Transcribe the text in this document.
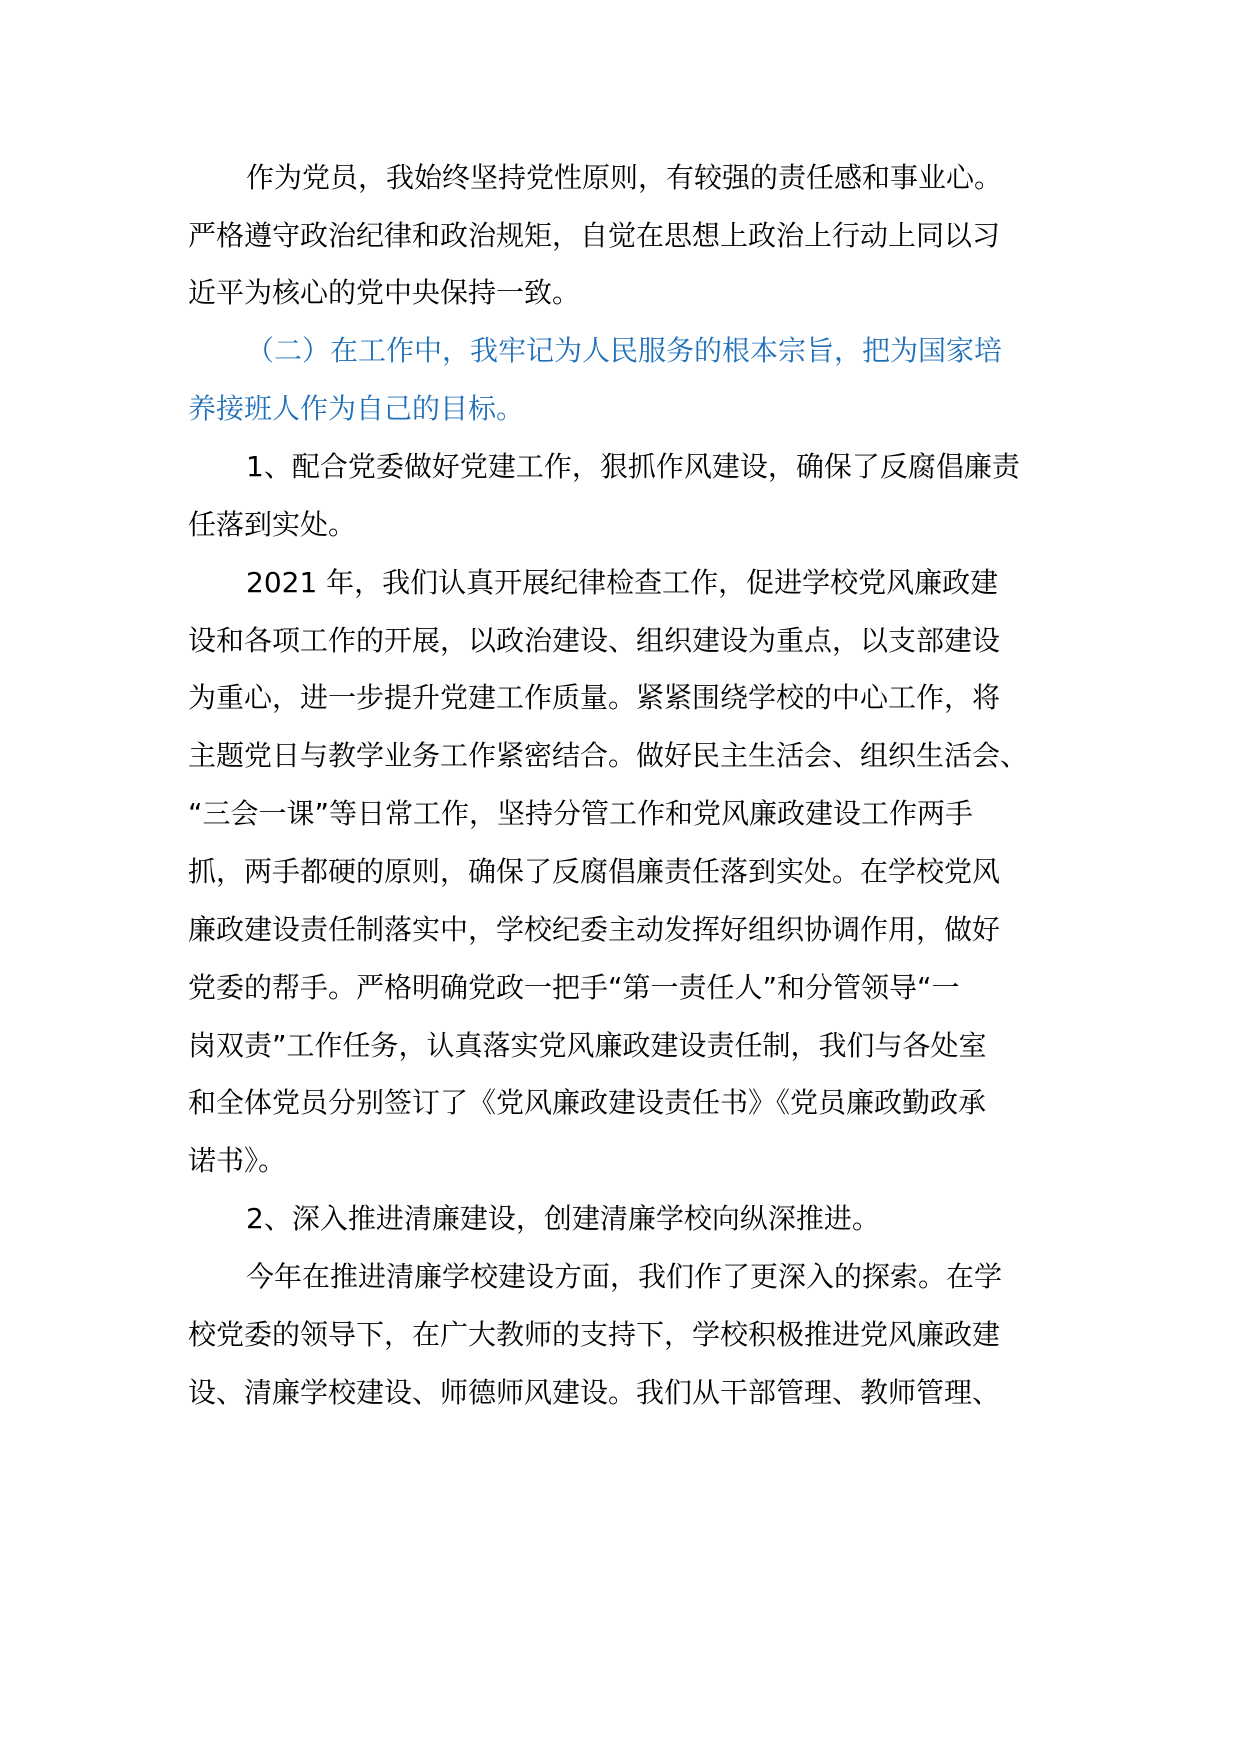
作为党员，我始终坚持党性原则，有较强的责任感和事业心。

严格遵守政治纪律和政治规矩，自觉在思想上政治上行动上同以习

近平为核心的党中央保持一致。

（二）在工作中，我牢记为人民服务的根本宗旨，把为国家培

养接班人作为自己的目标。

1、配合党委做好党建工作，狠抓作风建设，确保了反腐倡廉责

任落到实处。

2021 年，我们认真开展纪律检查工作，促进学校党风廉政建

设和各项工作的开展，以政治建设、组织建设为重点，以支部建设

为重心，进一步提升党建工作质量。紧紧围绕学校的中心工作，将

主题党日与教学业务工作紧密结合。做好民主生活会、组织生活会、

“三会一课”等日常工作，坚持分管工作和党风廉政建设工作两手

抓，两手都硬的原则，确保了反腐倡廉责任落到实处。在学校党风

廉政建设责任制落实中，学校纪委主动发挥好组织协调作用，做好

党委的帮手。严格明确党政一把手“第一责任人”和分管领导“一

岗双责”工作任务，认真落实党风廉政建设责任制，我们与各处室

和全体党员分别签订了《党风廉政建设责任书》《党员廉政勤政承

诺书》。

2、深入推进清廉建设，创建清廉学校向纵深推进。

今年在推进清廉学校建设方面，我们作了更深入的探索。在学

校党委的领导下，在广大教师的支持下，学校积极推进党风廉政建

设、清廉学校建设、师德师风建设。我们从干部管理、教师管理、
